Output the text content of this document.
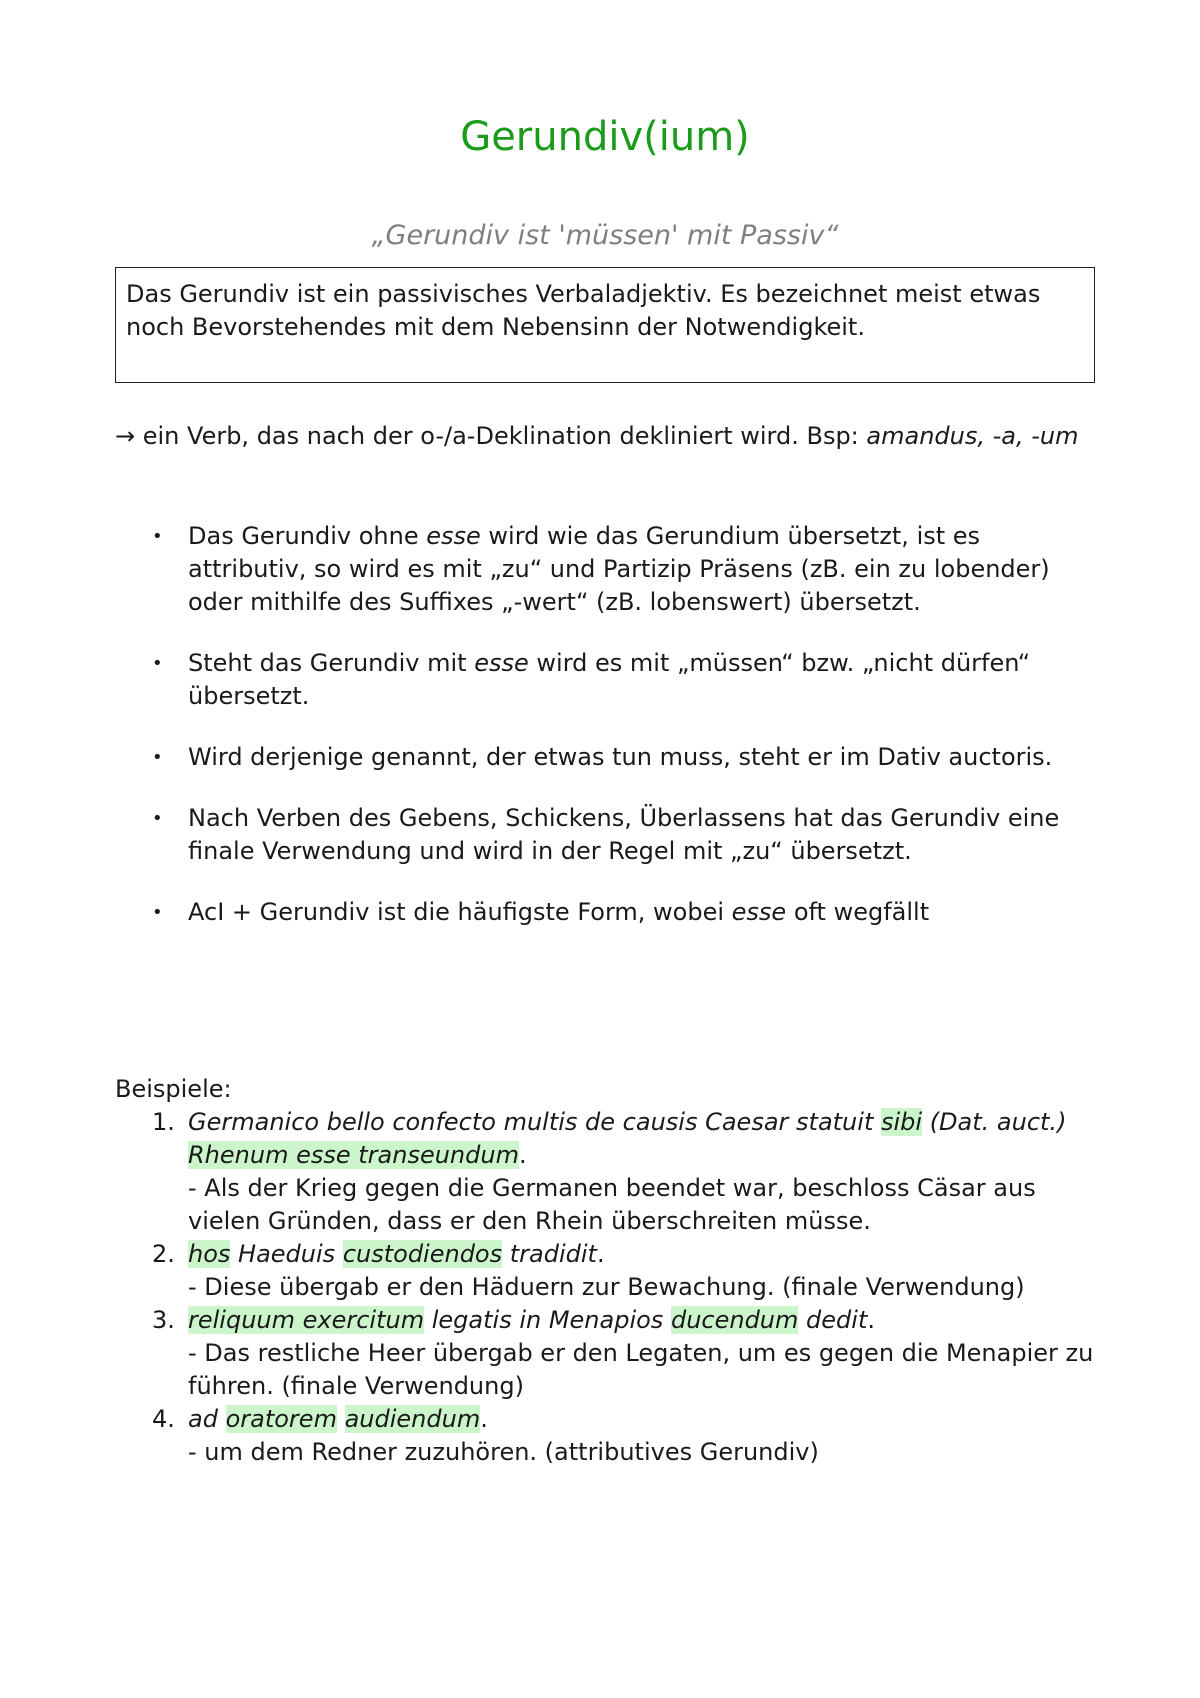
Gerundiv(ium)
„Gerundiv ist 'müssen' mit Passiv“
Das Gerundiv ist ein passivisches Verbaladjektiv. Es bezeichnet meist etwas noch Bevorstehendes mit dem Nebensinn der Notwendigkeit.
→ ein Verb, das nach der o-/a-Deklination dekliniert wird. Bsp: amandus, -a, -um
• Das Gerundiv ohne esse wird wie das Gerundium übersetzt, ist es attributiv, so wird es mit „zu“ und Partizip Präsens (zB. ein zu lobender) oder mithilfe des Suffixes „-wert“ (zB. lobenswert) übersetzt.
• Steht das Gerundiv mit esse wird es mit „müssen“ bzw. „nicht dürfen“ übersetzt.
• Wird derjenige genannt, der etwas tun muss, steht er im Dativ auctoris.
• Nach Verben des Gebens, Schickens, Überlassens hat das Gerundiv eine finale Verwendung und wird in der Regel mit „zu“ übersetzt.
• AcI + Gerundiv ist die häufigste Form, wobei esse oft wegfällt
Beispiele:
1. Germanico bello confecto multis de causis Caesar statuit sibi (Dat. auct.) Rhenum esse transeundum.
- Als der Krieg gegen die Germanen beendet war, beschloss Cäsar aus vielen Gründen, dass er den Rhein überschreiten müsse.
2. hos Haeduis custodiendos tradidit.
- Diese übergab er den Häduern zur Bewachung. (finale Verwendung)
3. reliquum exercitum legatis in Menapios ducendum dedit.
- Das restliche Heer übergab er den Legaten, um es gegen die Menapier zu führen. (finale Verwendung)
4. ad oratorem audiendum.
- um dem Redner zuzuhören. (attributives Gerundiv)
